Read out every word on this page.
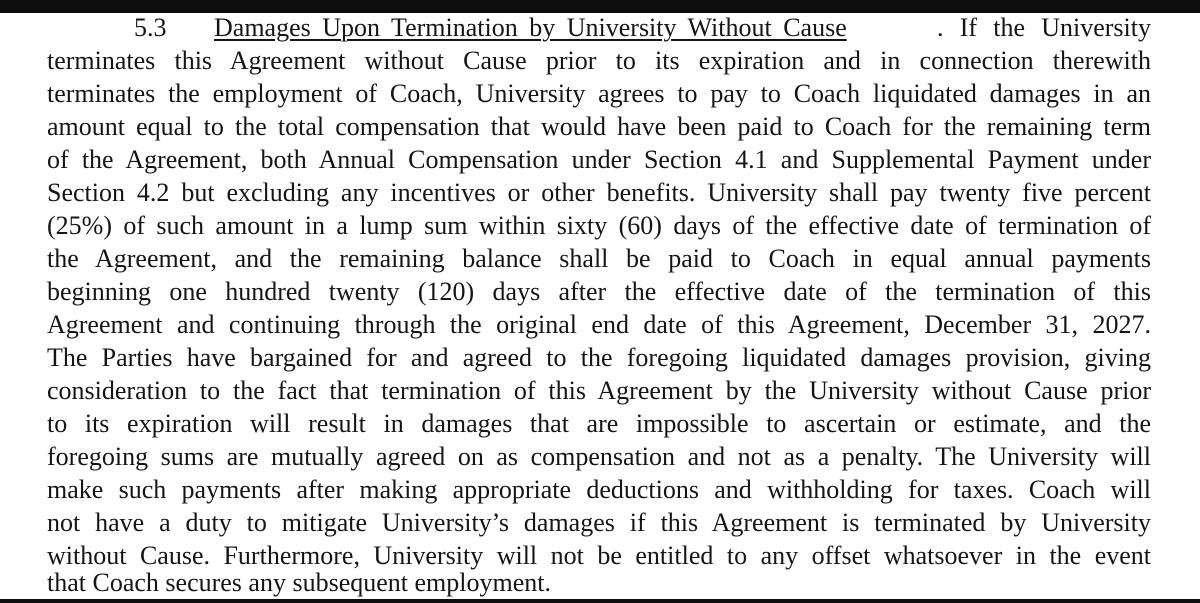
5.3 Damages Upon Termination by University Without Cause	. If the University
terminates this Agreement without Cause prior to its expiration and in connection therewith
terminates the employment of Coach, University agrees to pay to Coach liquidated damages in an
amount equal to the total compensation that would have been paid to Coach for the remaining term
of the Agreement, both Annual Compensation under Section 4.1 and Supplemental Payment under
Section 4.2 but excluding any incentives or other benefits. University shall pay twenty five percent
(25%) of such amount in a lump sum within sixty (60) days of the effective date of termination of
the Agreement, and the remaining balance shall be paid to Coach in equal annual payments
beginning one hundred twenty (120) days after the effective date of the termination of this
Agreement and continuing through the original end date of this Agreement, December 31, 2027.
The Parties have bargained for and agreed to the foregoing liquidated damages provision, giving
consideration to the fact that termination of this Agreement by the University without Cause prior
to its expiration will result in damages that are impossible to ascertain or estimate, and the
foregoing sums are mutually agreed on as compensation and not as a penalty. The University will
make such payments after making appropriate deductions and withholding for taxes. Coach will
not have a duty to mitigate University’s damages if this Agreement is terminated by University
without Cause. Furthermore, University will not be entitled to any offset whatsoever in the event
that Coach secures any subsequent employment.
